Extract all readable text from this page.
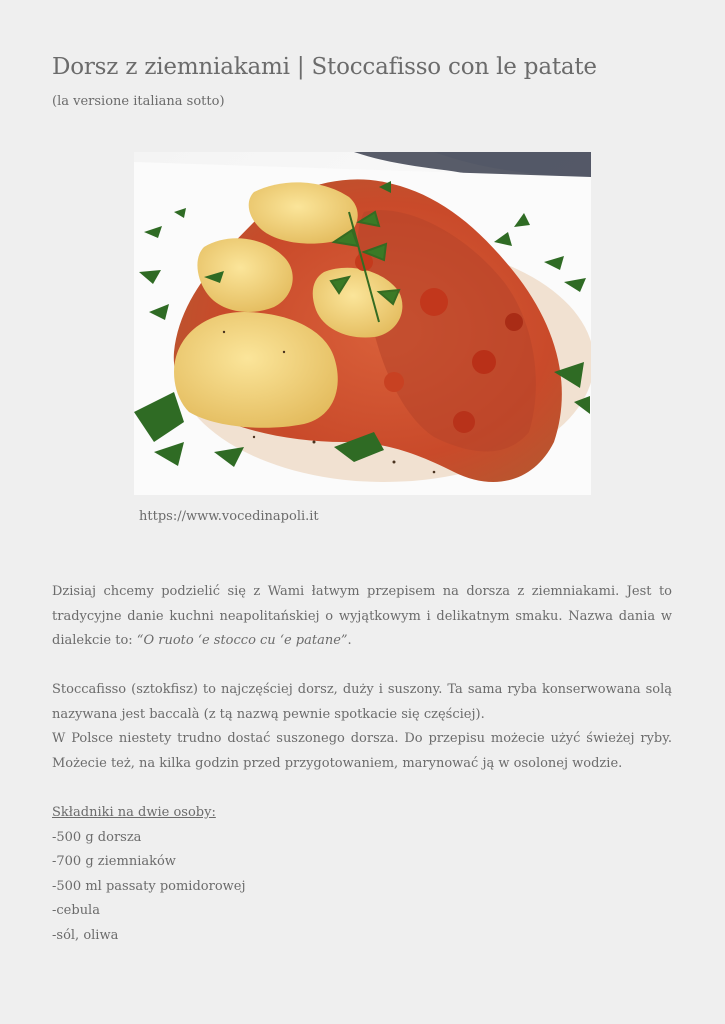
Dorsz z ziemniakami | Stoccafisso con le patate
(la versione italiana sotto)
https://www.vocedinapoli.it

Dzisiaj chcemy podzielić się z Wami łatwym przepisem na dorsza z ziemniakami. Jest to tradycyjne danie kuchni neapolitańskiej o wyjątkowym i delikatnym smaku. Nazwa dania w dialekcie to: “O ruoto ‘e stocco cu ‘e patane”.

Stoccafisso (sztokfisz) to najczęściej dorsz, duży i suszony. Ta sama ryba konserwowana solą nazywana jest baccalà (z tą nazwą pewnie spotkacie się częściej).
W Polsce niestety trudno dostać suszonego dorsza. Do przepisu możecie użyć świeżej ryby. Możecie też, na kilka godzin przed przygotowaniem, marynować ją w osolonej wodzie.
Składniki na dwie osoby:
-500 g dorsza
-700 g ziemniaków
-500 ml passaty pomidorowej
-cebula
-sól, oliwa
